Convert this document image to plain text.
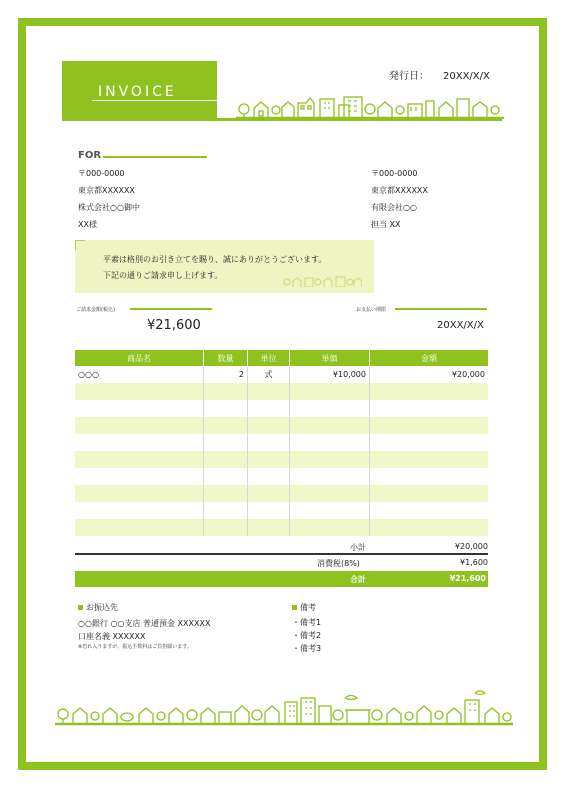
INVOICE
発行日： 20XX/X/X
FOR
〒000-0000
東京都XXXXXX
株式会社○○御中
XX様
〒000-0000
東京都XXXXXX
有限会社○○
担当 XX
平素は格別のお引き立てを賜り、誠にありがとうございます。
下記の通りご請求申し上げます。
ご請求金額(税込)
¥21,600
お支払い期限
20XX/X/X
商品名	数量	単位	単価	金額
○○○	2	式	¥10,000	¥20,000
小計	¥20,000
消費税(8%)	¥1,600
合計	¥21,600
お振込先
○○銀行 ○○支店 普通預金 XXXXXX
口座名義 XXXXXX
※恐れ入りますが、振込手数料はご負担願います。
備考
・備考1
・備考2
・備考3
